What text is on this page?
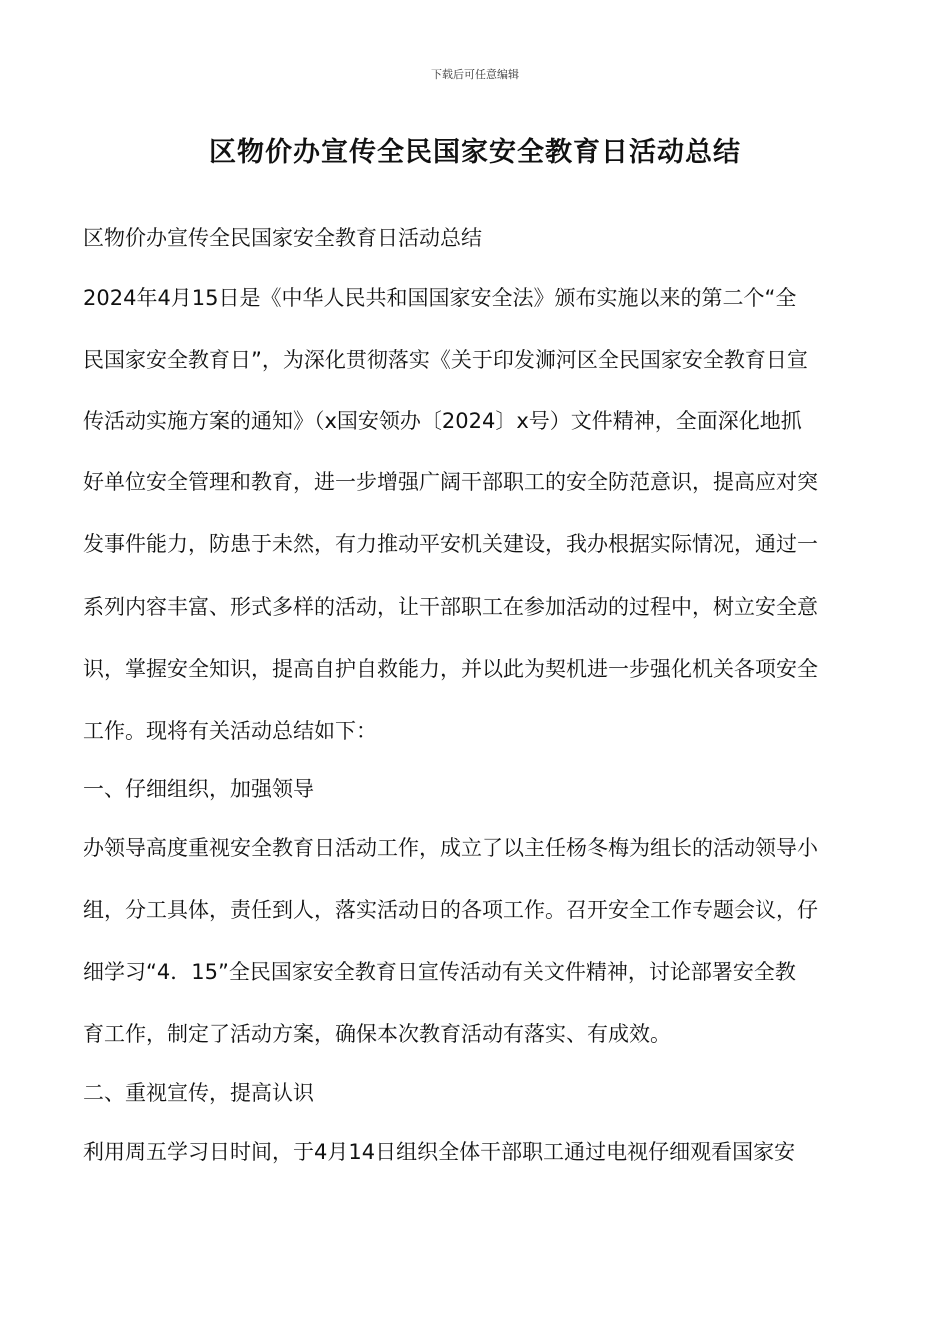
下载后可任意编辑
区物价办宣传全民国家安全教育日活动总结
区物价办宣传全民国家安全教育日活动总结
2024年4月15日是《中华人民共和国国家安全法》颁布实施以来的第二个“全
民国家安全教育日”，为深化贯彻落实《关于印发浉河区全民国家安全教育日宣
传活动实施方案的通知》（x国安领办〔2024〕x号）文件精神，全面深化地抓
好单位安全管理和教育，进一步增强广阔干部职工的安全防范意识，提高应对突
发事件能力，防患于未然，有力推动平安机关建设，我办根据实际情况，通过一
系列内容丰富、形式多样的活动，让干部职工在参加活动的过程中，树立安全意
识，掌握安全知识，提高自护自救能力，并以此为契机进一步强化机关各项安全
工作。现将有关活动总结如下：
一、仔细组织，加强领导
办领导高度重视安全教育日活动工作，成立了以主任杨冬梅为组长的活动领导小
组，分工具体，责任到人，落实活动日的各项工作。召开安全工作专题会议，仔
细学习“4．15”全民国家安全教育日宣传活动有关文件精神，讨论部署安全教
育工作，制定了活动方案，确保本次教育活动有落实、有成效。
二、重视宣传，提高认识
利用周五学习日时间，于4月14日组织全体干部职工通过电视仔细观看国家安
